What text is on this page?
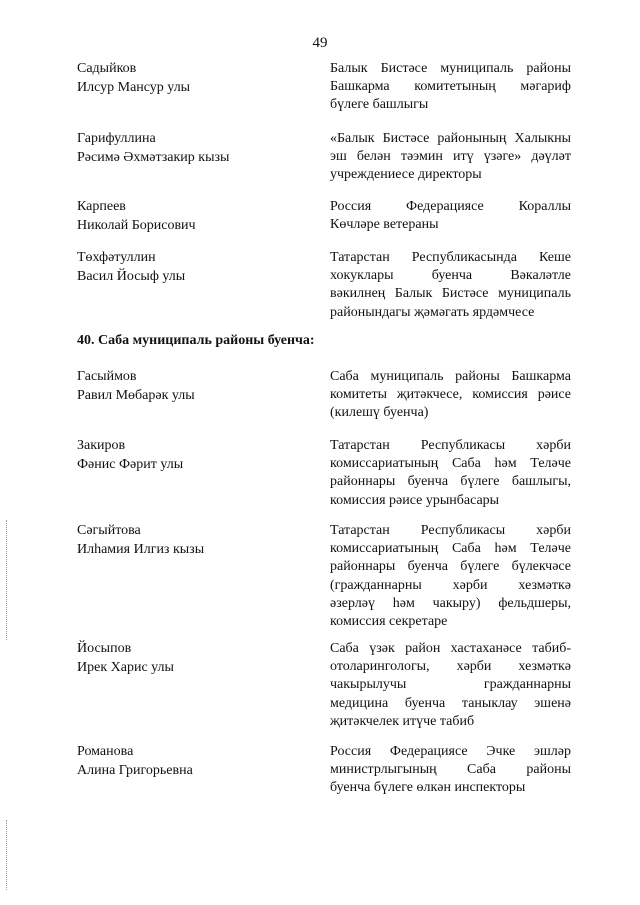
49
Садыйков
Илсур Мансур улы
Балык Бистәсе муниципаль районы
Башкарма комитетының мәгариф
бүлеге башлыгы
Гарифуллина
Рәсимә Әхмәтзакир кызы
«Балык Бистәсе районының Халыкны
эш белән тәэмин итү үзәге» дәүләт
учреждениесе директоры
Карпеев
Николай Борисович
Россия Федерациясе Кораллы
Көчләре ветераны
Төхфәтуллин
Васил Йосыф улы
Татарстан Республикасында Кеше
хокуклары буенча Вәкаләтле
вәкилнең Балык Бистәсе муниципаль
районындагы җәмәгать ярдәмчесе
Гасыймов
Равил Мөбарәк улы
Саба муниципаль районы Башкарма
комитеты җитәкчесе, комиссия рәисе
(килешү буенча)
Закиров
Фәнис Фәрит улы
Татарстан Республикасы хәрби
комиссариатының Саба һәм Теләче
районнары буенча бүлеге башлыгы,
комиссия рәисе урынбасары
Сәгыйтова
Илһамия Илгиз кызы
Татарстан Республикасы хәрби
комиссариатының Саба һәм Теләче
районнары буенча бүлеге бүлекчәсе
(гражданнарны хәрби хезмәткә
әзерләү һәм чакыру) фельдшеры,
комиссия секретаре
Йосыпов
Ирек Харис улы
Саба үзәк район хастаханәсе табиб-
отоларингологы, хәрби хезмәткә
чакырылучы гражданнарны
медицина буенча таныклау эшенә
җитәкчелек итүче табиб
Романова
Алина Григорьевна
Россия Федерациясе Эчке эшләр
министрлыгының Саба районы
буенча бүлеге өлкән инспекторы
40. Саба муниципаль районы буенча:
